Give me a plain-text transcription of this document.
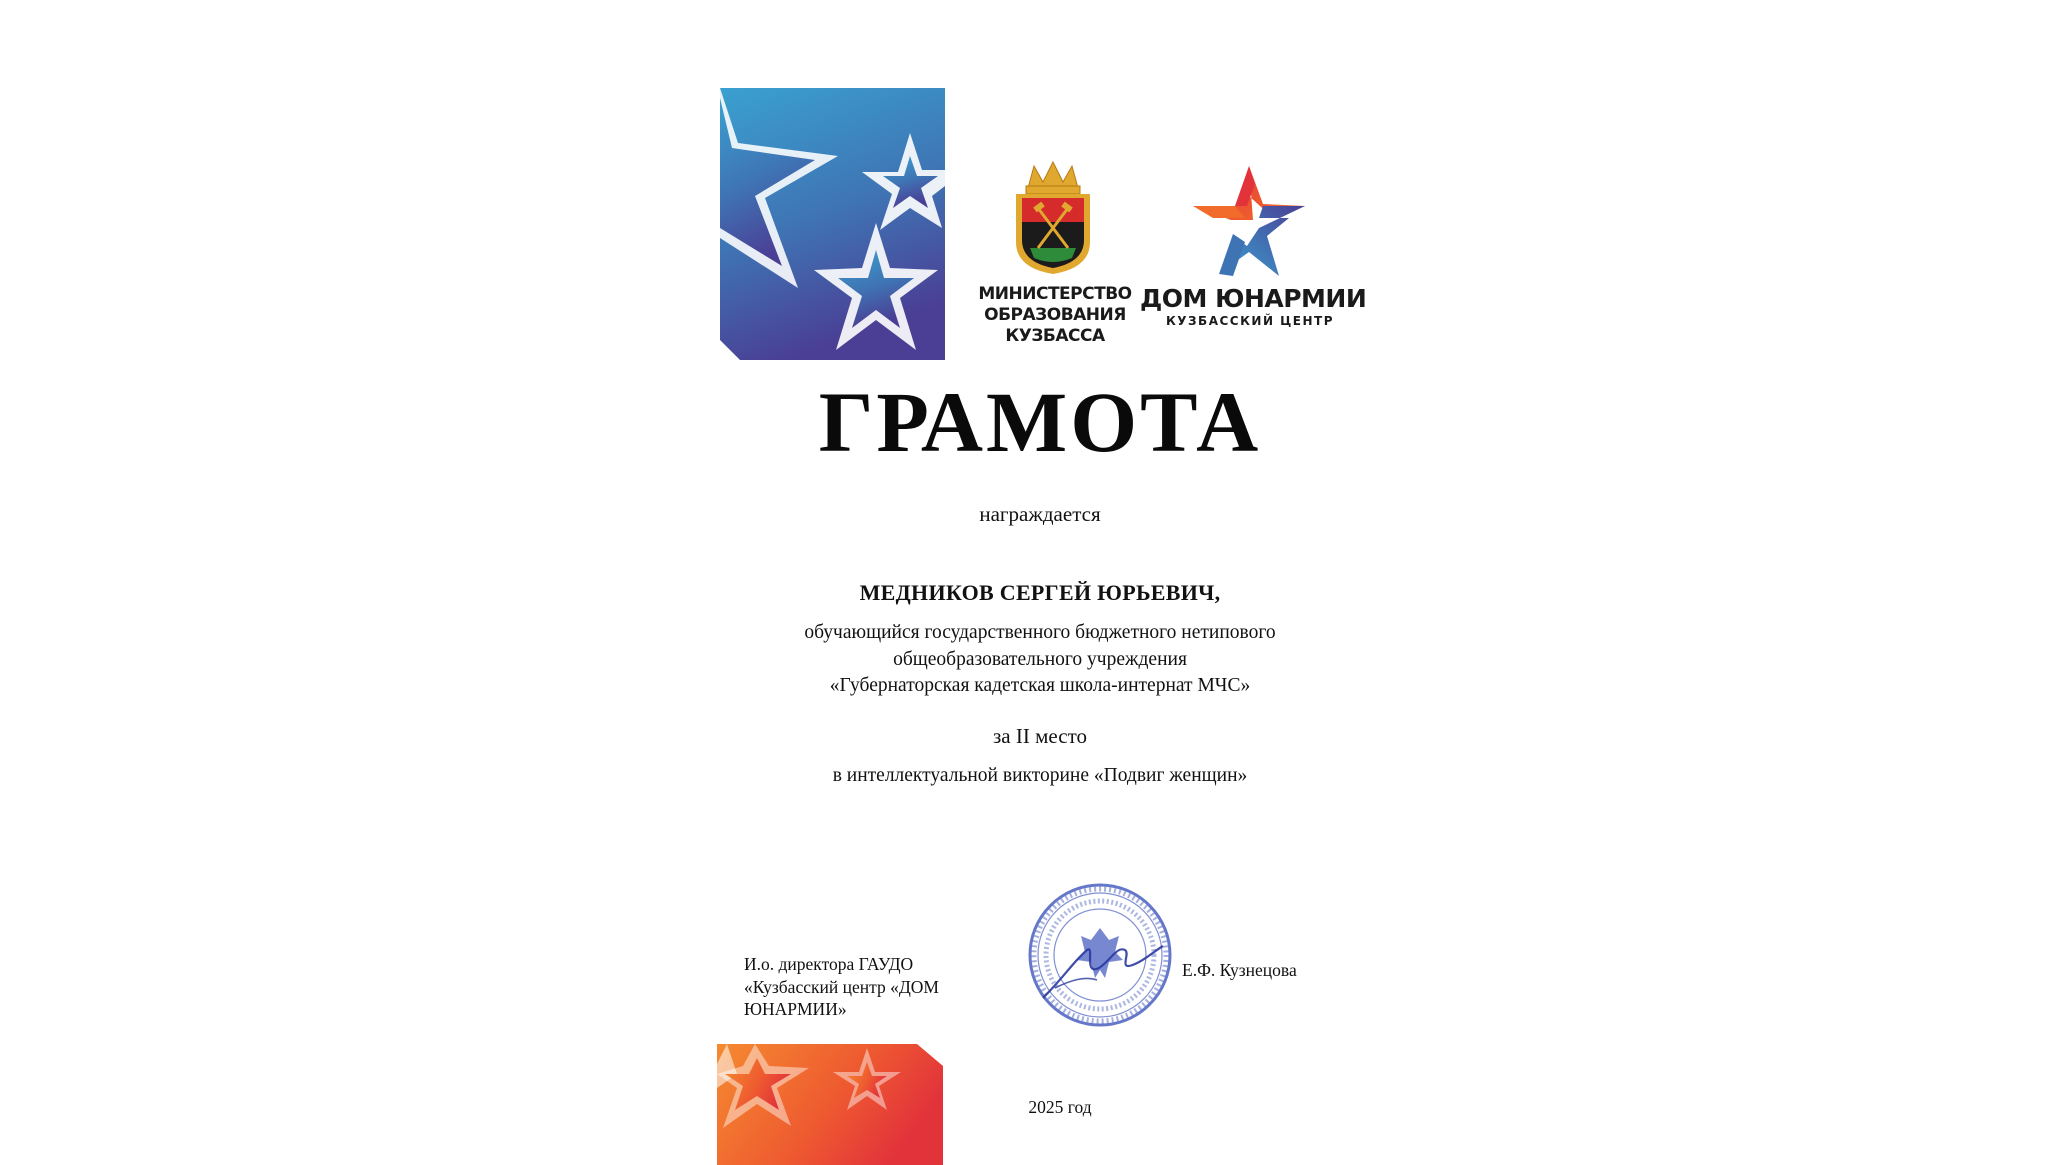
МИНИСТЕРСТВО
ОБРАЗОВАНИЯ
КУЗБАССА
ДОМ ЮНАРМИИ
КУЗБАССКИЙ ЦЕНТР
ГРАМОТА
награждается
МЕДНИКОВ СЕРГЕЙ ЮРЬЕВИЧ,
обучающийся государственного бюджетного нетипового
общеобразовательного учреждения
«Губернаторская кадетская школа-интернат МЧС»
за II место
в интеллектуальной викторине «Подвиг женщин»
И.о. директора ГАУДО
«Кузбасский центр «ДОМ
ЮНАРМИИ»
Е.Ф. Кузнецова
2025 год
